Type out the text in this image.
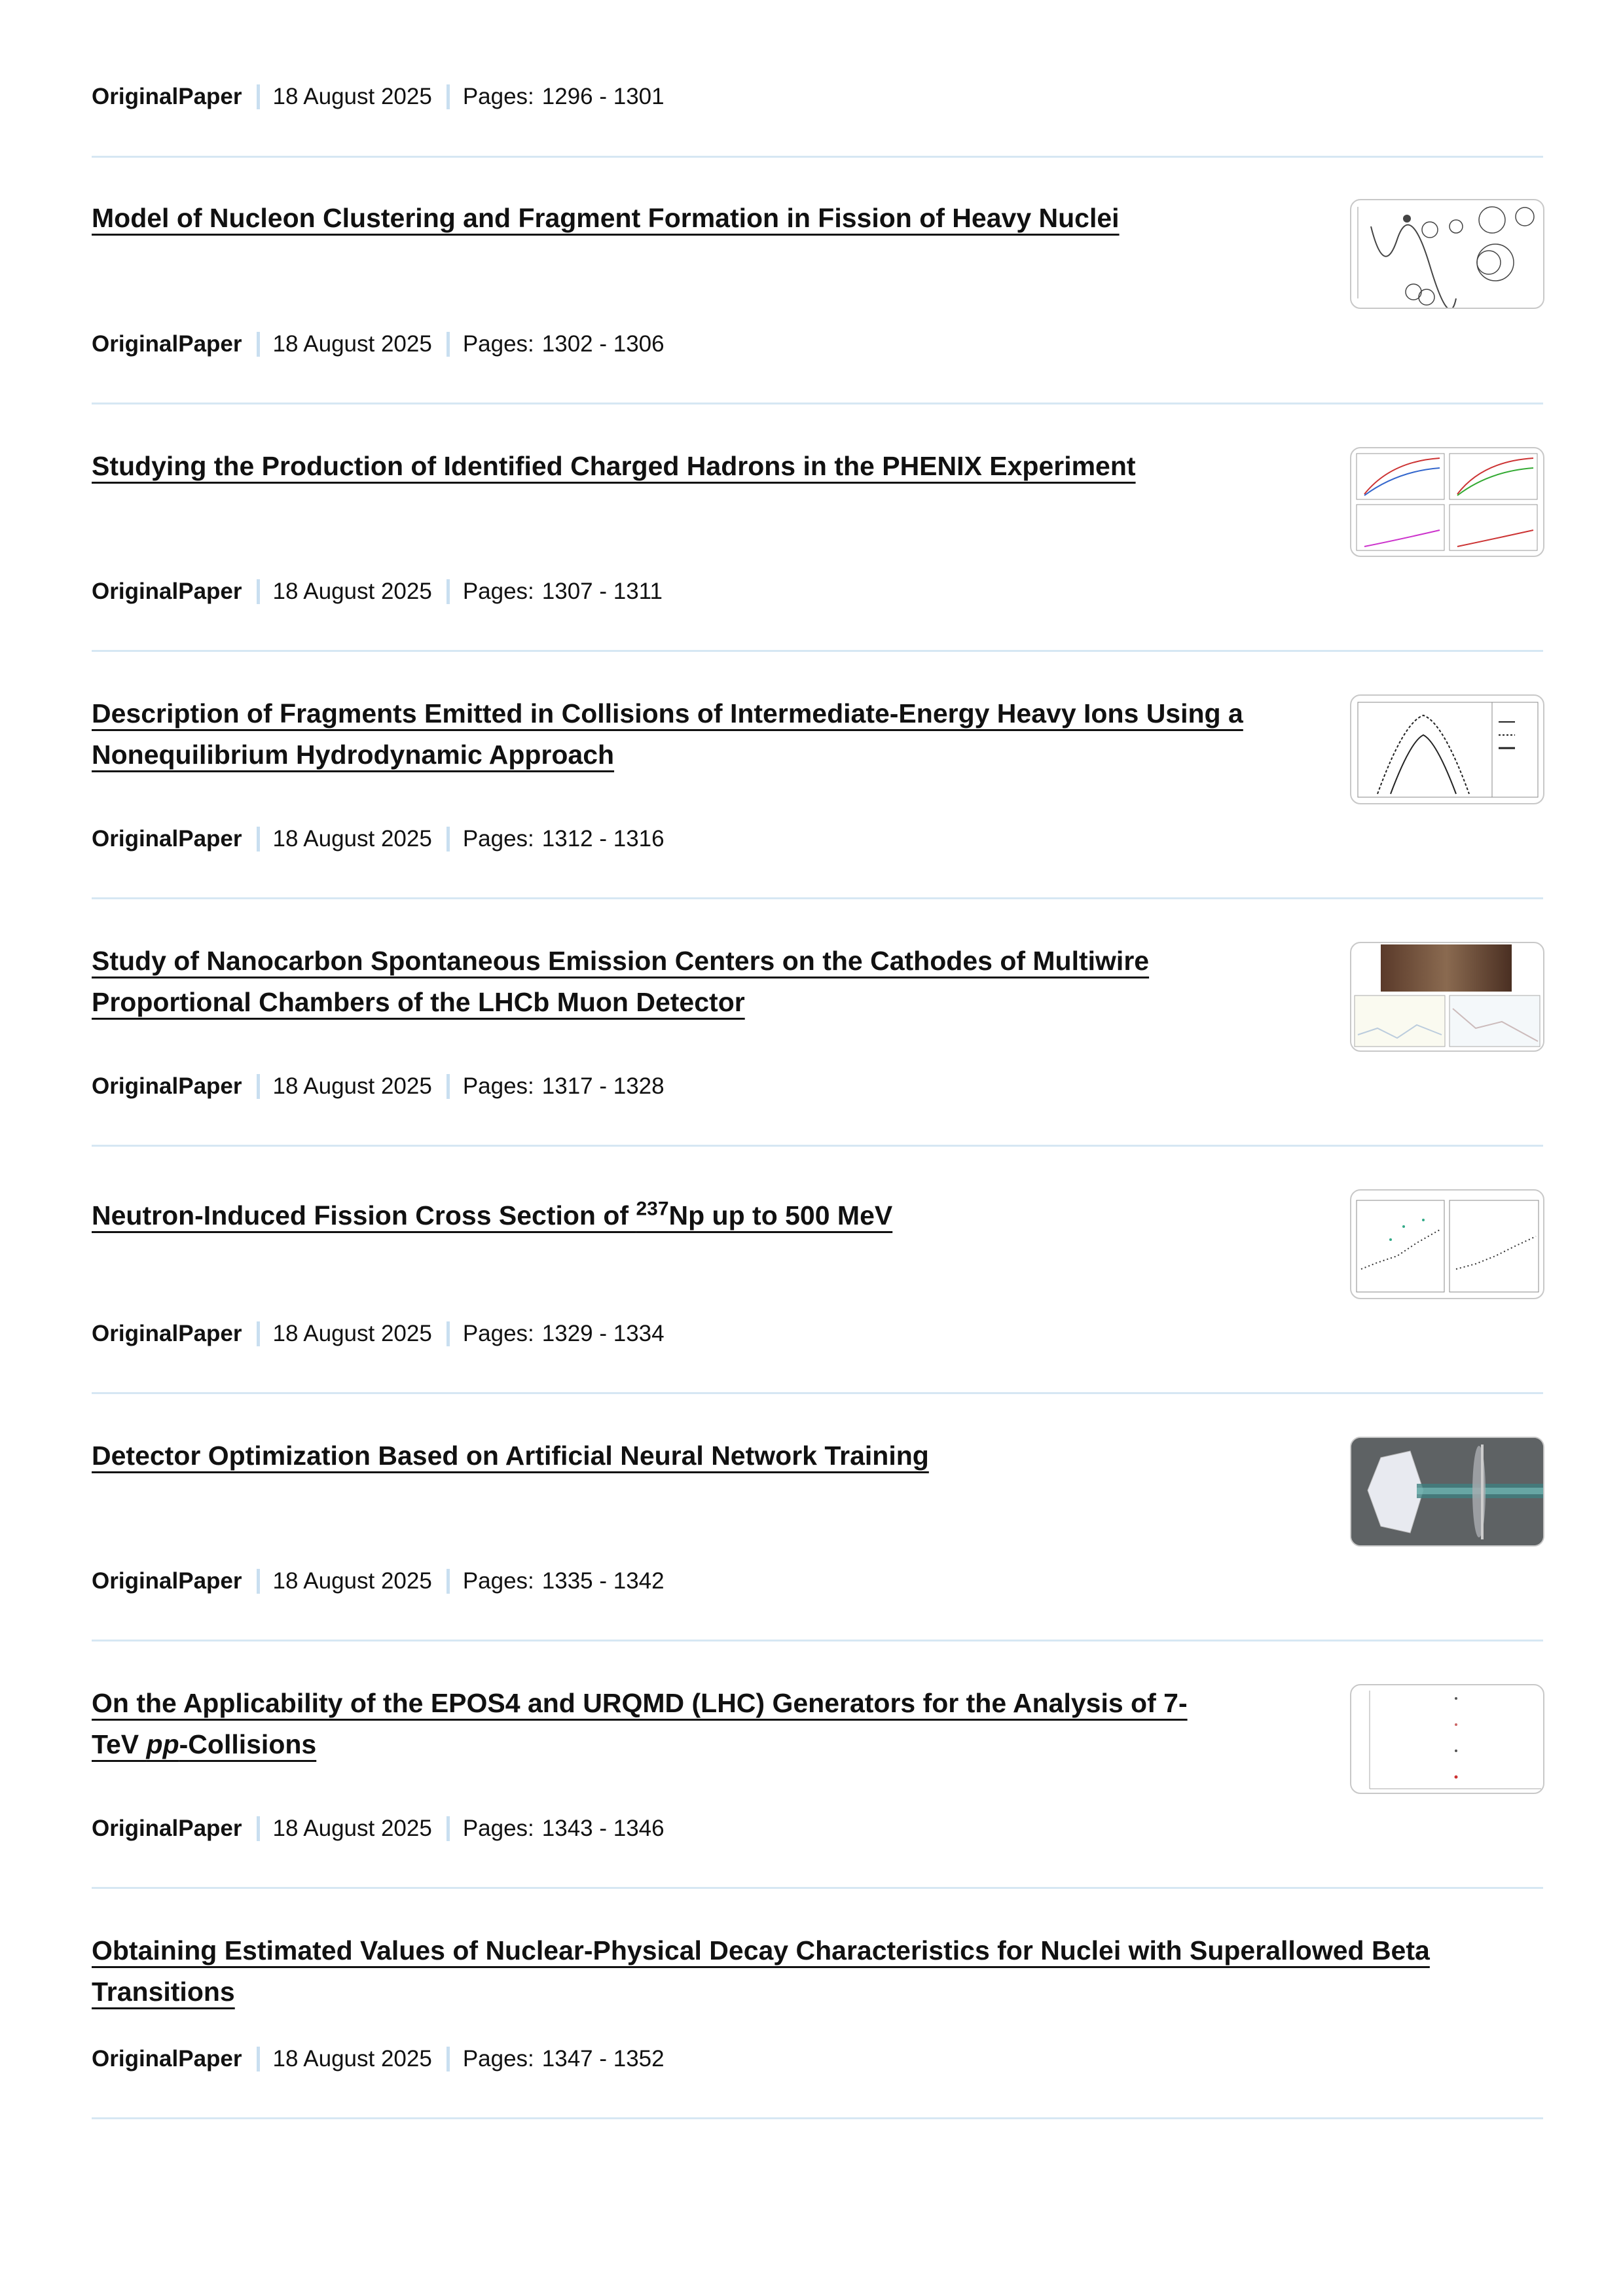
OriginalPaper 18 August 2025 Pages: 1296 - 1301
Model of Nucleon Clustering and Fragment Formation in Fission of Heavy Nuclei
OriginalPaper 18 August 2025 Pages: 1302 - 1306
Studying the Production of Identified Charged Hadrons in the PHENIX Experiment
OriginalPaper 18 August 2025 Pages: 1307 - 1311
Description of Fragments Emitted in Collisions of Intermediate-Energy Heavy Ions Using a
Nonequilibrium Hydrodynamic Approach
OriginalPaper 18 August 2025 Pages: 1312 - 1316
Study of Nanocarbon Spontaneous Emission Centers on the Cathodes of Multiwire
Proportional Chambers of the LHCb Muon Detector
OriginalPaper 18 August 2025 Pages: 1317 - 1328
Neutron-Induced Fission Cross Section of $^{237}$Np up to 500 MeV
OriginalPaper 18 August 2025 Pages: 1329 - 1334
Detector Optimization Based on Artificial Neural Network Training
OriginalPaper 18 August 2025 Pages: 1335 - 1342
On the Applicability of the EPOS4 and URQMD (LHC) Generators for the Analysis of 7-
TeV pp-Collisions
OriginalPaper 18 August 2025 Pages: 1343 - 1346
Obtaining Estimated Values of Nuclear-Physical Decay Characteristics for Nuclei with Superallowed Beta
Transitions
OriginalPaper 18 August 2025 Pages: 1347 - 1352
